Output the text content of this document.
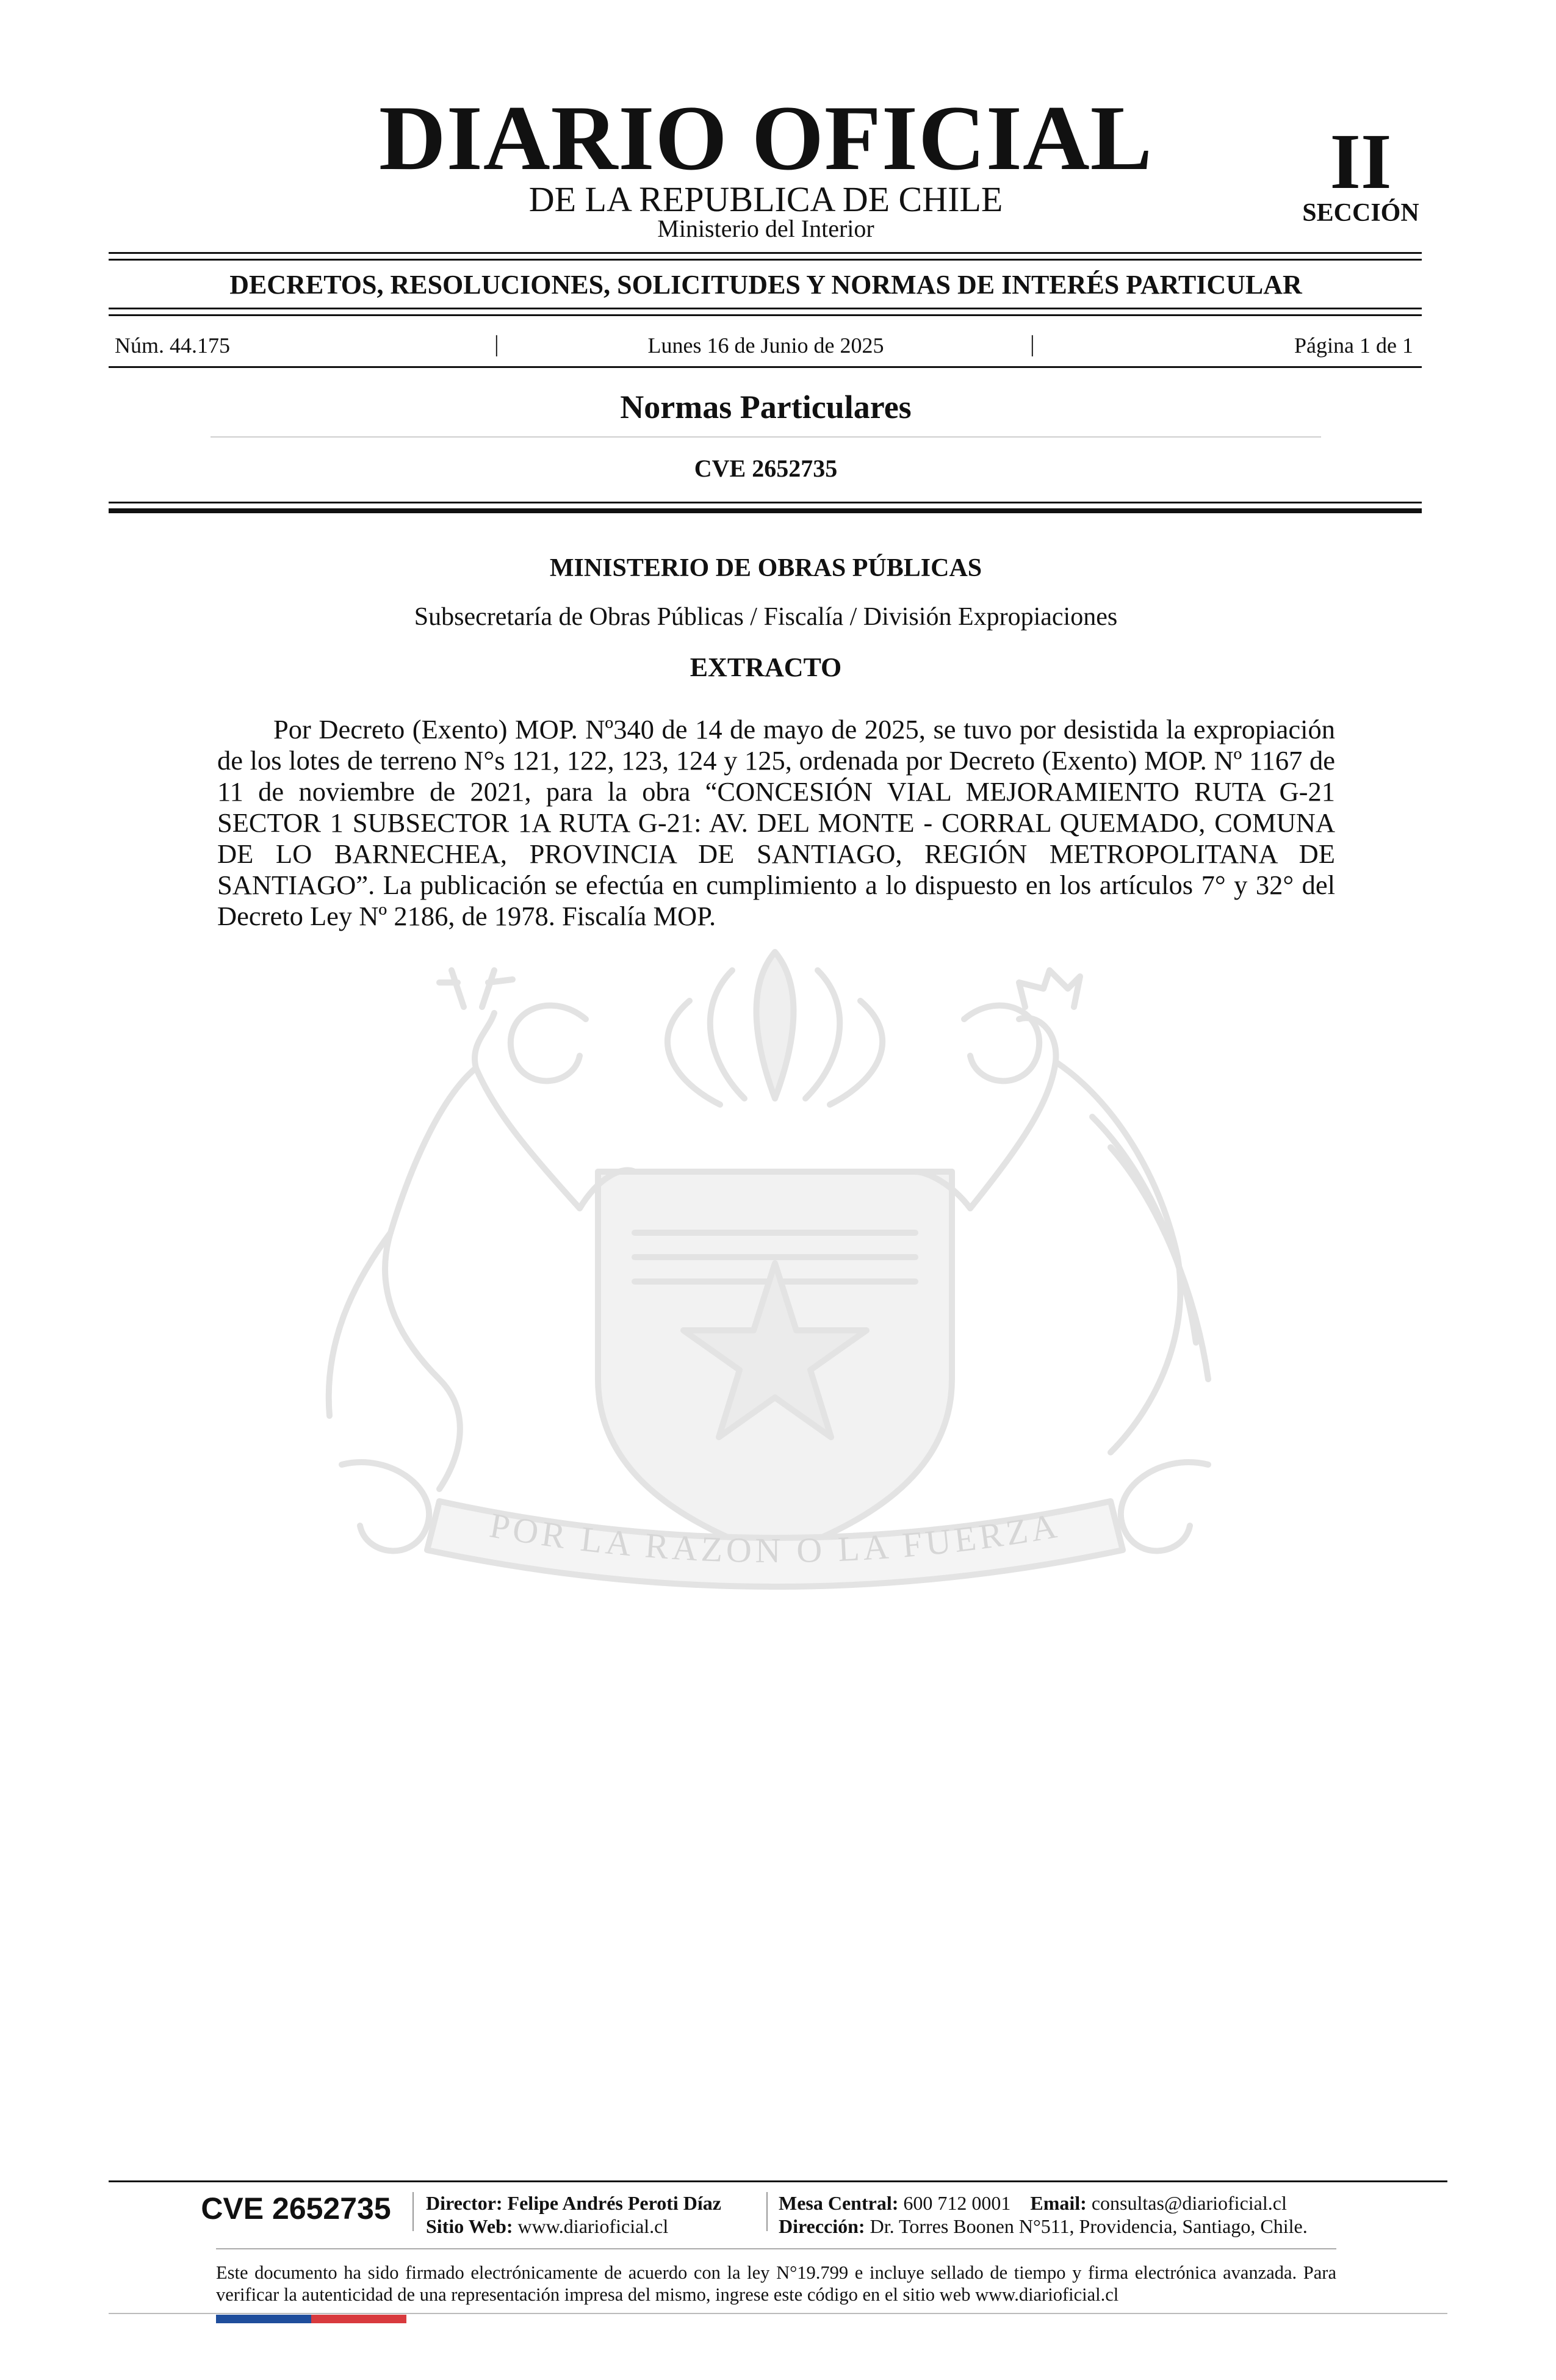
DIARIO OFICIAL
DE LA REPUBLICA DE CHILE
Ministerio del Interior
II
SECCIÓN
DECRETOS, RESOLUCIONES, SOLICITUDES Y NORMAS DE INTERÉS PARTICULAR
Núm. 44.175	|	Lunes 16 de Junio de 2025	|	Página 1 de 1
Normas Particulares
CVE 2652735
POR LA RAZON O LA FUERZA
MINISTERIO DE OBRAS PÚBLICAS
Subsecretaría de Obras Públicas / Fiscalía / División Expropiaciones
EXTRACTO

Por Decreto (Exento) MOP. Nº340 de 14 de mayo de 2025, se tuvo por desistida la expropiación de los lotes de terreno N°s 121, 122, 123, 124 y 125, ordenada por Decreto (Exento) MOP. Nº 1167 de 11 de noviembre de 2021, para la obra “CONCESIÓN VIAL MEJORAMIENTO RUTA G-21 SECTOR 1 SUBSECTOR 1A RUTA G-21: AV. DEL MONTE - CORRAL QUEMADO, COMUNA DE LO BARNECHEA, PROVINCIA DE SANTIAGO, REGIÓN METROPOLITANA DE SANTIAGO”. La publicación se efectúa en cumplimiento a lo dispuesto en los artículos 7° y 32° del Decreto Ley Nº 2186, de 1978. Fiscalía MOP.

CVE 2652735	Director: Felipe Andrés Peroti Díaz
Sitio Web: www.diarioficial.cl
Mesa Central: 600 712 0001 Email: consultas@diarioficial.cl
Dirección: Dr. Torres Boonen N°511, Providencia, Santiago, Chile.

Este documento ha sido firmado electrónicamente de acuerdo con la ley N°19.799 e incluye sellado de tiempo y firma electrónica avanzada. Para verificar la autenticidad de una representación impresa del mismo, ingrese este código en el sitio web www.diarioficial.cl
